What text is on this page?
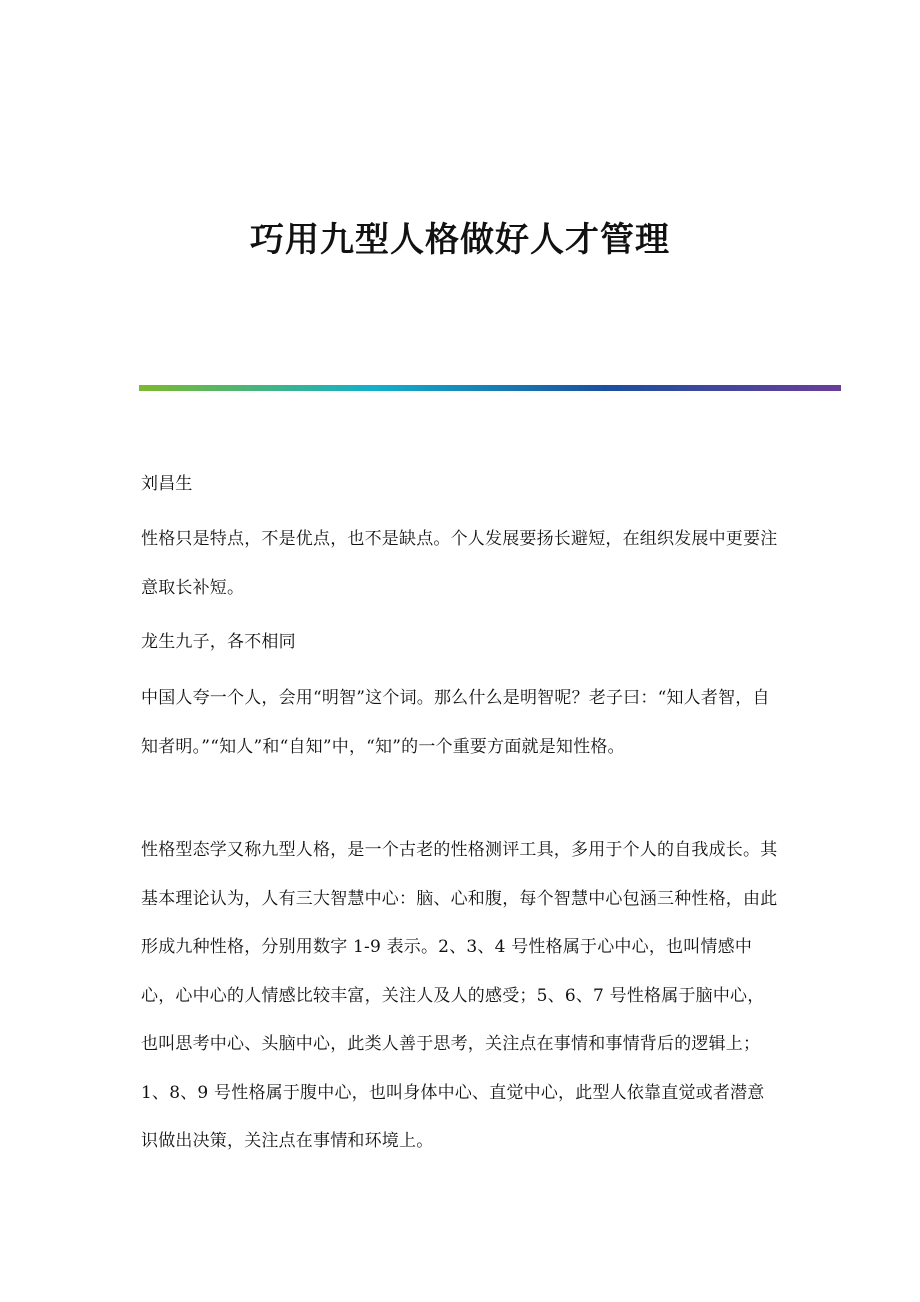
巧用九型人格做好人才管理

刘昌生

性格只是特点，不是优点，也不是缺点。个人发展要扬长避短，在组织发展中更要注意取长补短。

龙生九子，各不相同

中国人夸一个人，会用“明智”这个词。那么什么是明智呢？老子曰：“知人者智，自知者明。”“知人”和“自知”中，“知”的一个重要方面就是知性格。

性格型态学又称九型人格，是一个古老的性格测评工具，多用于个人的自我成长。其基本理论认为，人有三大智慧中心：脑、心和腹，每个智慧中心包涵三种性格，由此形成九种性格，分别用数字 1-9 表示。2、3、4 号性格属于心中心，也叫情感中心，心中心的人情感比较丰富，关注人及人的感受；5、6、7 号性格属于脑中心，也叫思考中心、头脑中心，此类人善于思考，关注点在事情和事情背后的逻辑上；1、8、9 号性格属于腹中心，也叫身体中心、直觉中心，此型人依靠直觉或者潜意识做出决策，关注点在事情和环境上。
